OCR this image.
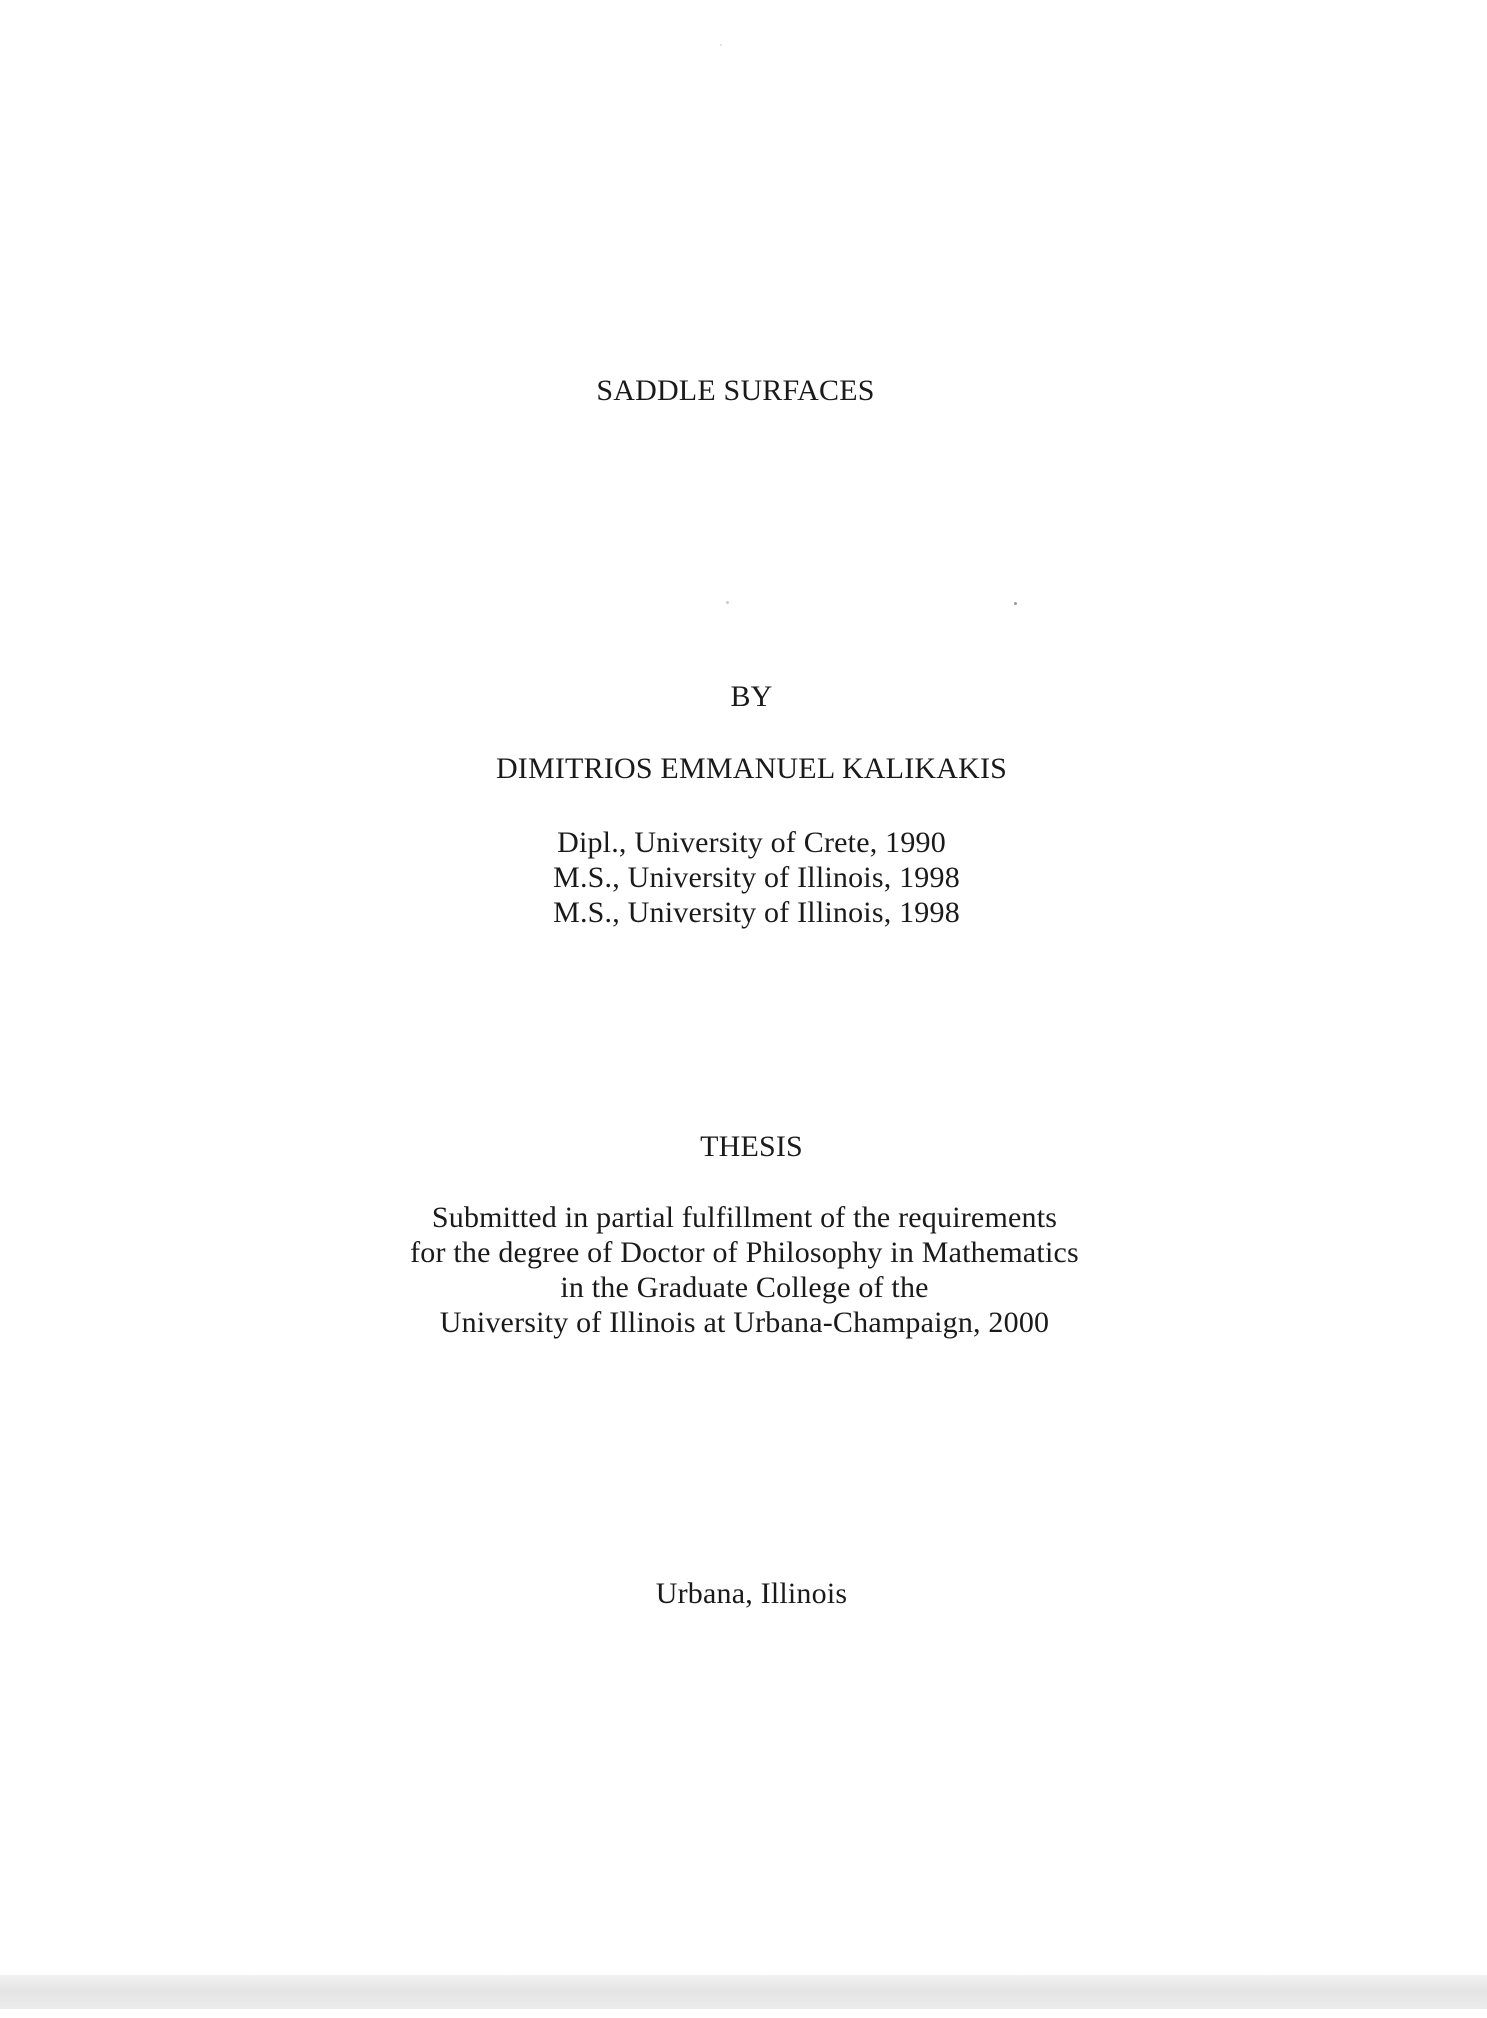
SADDLE SURFACES
BY
DIMITRIOS EMMANUEL KALIKAKIS
Dipl., University of Crete, 1990
M.S., University of Illinois, 1998
M.S., University of Illinois, 1998
THESIS
Submitted in partial fulfillment of the requirements
for the degree of Doctor of Philosophy in Mathematics
in the Graduate College of the
University of Illinois at Urbana-Champaign, 2000
Urbana, Illinois
